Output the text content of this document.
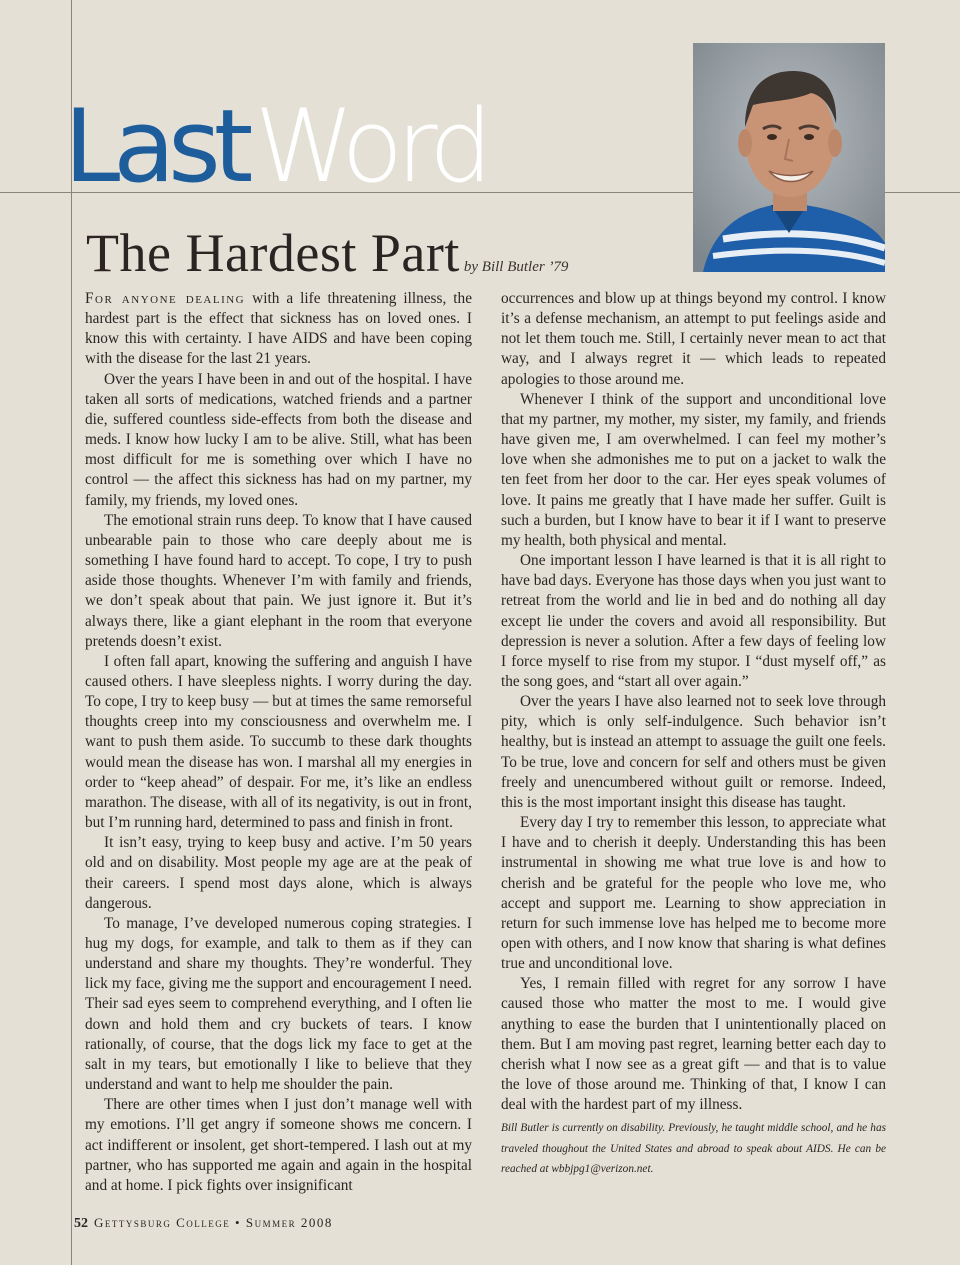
LastWord
The Hardest Part by Bill Butler ’79

For anyone dealing with a life threatening illness, the hardest part is the effect that sickness has on loved ones. I know this with certainty. I have AIDS and have been coping with the disease for the last 21 years.

Over the years I have been in and out of the hospital. I have taken all sorts of medications, watched friends and a partner die, suffered countless side-effects from both the disease and meds. I know how lucky I am to be alive. Still, what has been most difficult for me is something over which I have no control — the affect this sickness has had on my partner, my family, my friends, my loved ones.

The emotional strain runs deep. To know that I have caused unbearable pain to those who care deeply about me is something I have found hard to accept. To cope, I try to push aside those thoughts. Whenever I’m with family and friends, we don’t speak about that pain. We just ignore it. But it’s always there, like a giant elephant in the room that everyone pretends doesn’t exist.

I often fall apart, knowing the suffering and anguish I have caused others. I have sleepless nights. I worry during the day. To cope, I try to keep busy — but at times the same remorseful thoughts creep into my consciousness and overwhelm me. I want to push them aside. To succumb to these dark thoughts would mean the disease has won. I marshal all my energies in order to “keep ahead” of despair. For me, it’s like an endless marathon. The disease, with all of its negativity, is out in front, but I’m running hard, determined to pass and finish in front.

It isn’t easy, trying to keep busy and active. I’m 50 years old and on disability. Most people my age are at the peak of their careers. I spend most days alone, which is always dangerous.

To manage, I’ve developed numerous coping strategies. I hug my dogs, for example, and talk to them as if they can understand and share my thoughts. They’re wonderful. They lick my face, giving me the support and encouragement I need. Their sad eyes seem to comprehend everything, and I often lie down and hold them and cry buckets of tears. I know rationally, of course, that the dogs lick my face to get at the salt in my tears, but emotionally I like to believe that they understand and want to help me shoulder the pain.

There are other times when I just don’t manage well with my emotions. I’ll get angry if someone shows me concern. I act indifferent or insolent, get short-tempered. I lash out at my partner, who has supported me again and again in the hospital and at home. I pick fights over insignificant

occurrences and blow up at things beyond my control. I know it’s a defense mechanism, an attempt to put feelings aside and not let them touch me. Still, I certainly never mean to act that way, and I always regret it — which leads to repeated apologies to those around me.

Whenever I think of the support and unconditional love that my partner, my mother, my sister, my family, and friends have given me, I am overwhelmed. I can feel my mother’s love when she admonishes me to put on a jacket to walk the ten feet from her door to the car. Her eyes speak volumes of love. It pains me greatly that I have made her suffer. Guilt is such a burden, but I know have to bear it if I want to preserve my health, both physical and mental.

One important lesson I have learned is that it is all right to have bad days. Everyone has those days when you just want to retreat from the world and lie in bed and do nothing all day except lie under the covers and avoid all responsibility. But depression is never a solution. After a few days of feeling low I force myself to rise from my stupor. I “dust myself off,” as the song goes, and “start all over again.”

Over the years I have also learned not to seek love through pity, which is only self-indulgence. Such behavior isn’t healthy, but is instead an attempt to assuage the guilt one feels. To be true, love and concern for self and others must be given freely and unencumbered without guilt or remorse. Indeed, this is the most important insight this disease has taught.

Every day I try to remember this lesson, to appreciate what I have and to cherish it deeply. Understanding this has been instrumental in showing me what true love is and how to cherish and be grateful for the people who love me, who accept and support me. Learning to show appreciation in return for such immense love has helped me to become more open with others, and I now know that sharing is what defines true and unconditional love.

Yes, I remain filled with regret for any sorrow I have caused those who matter the most to me. I would give anything to ease the burden that I unintentionally placed on them. But I am moving past regret, learning better each day to cherish what I now see as a great gift — and that is to value the love of those around me. Thinking of that, I know I can deal with the hardest part of my illness.

Bill Butler is currently on disability. Previously, he taught middle school, and he has traveled thoughout the United States and abroad to speak about AIDS. He can be reached at wbbjpg1@verizon.net.

52 Gettysburg College • Summer 2008
